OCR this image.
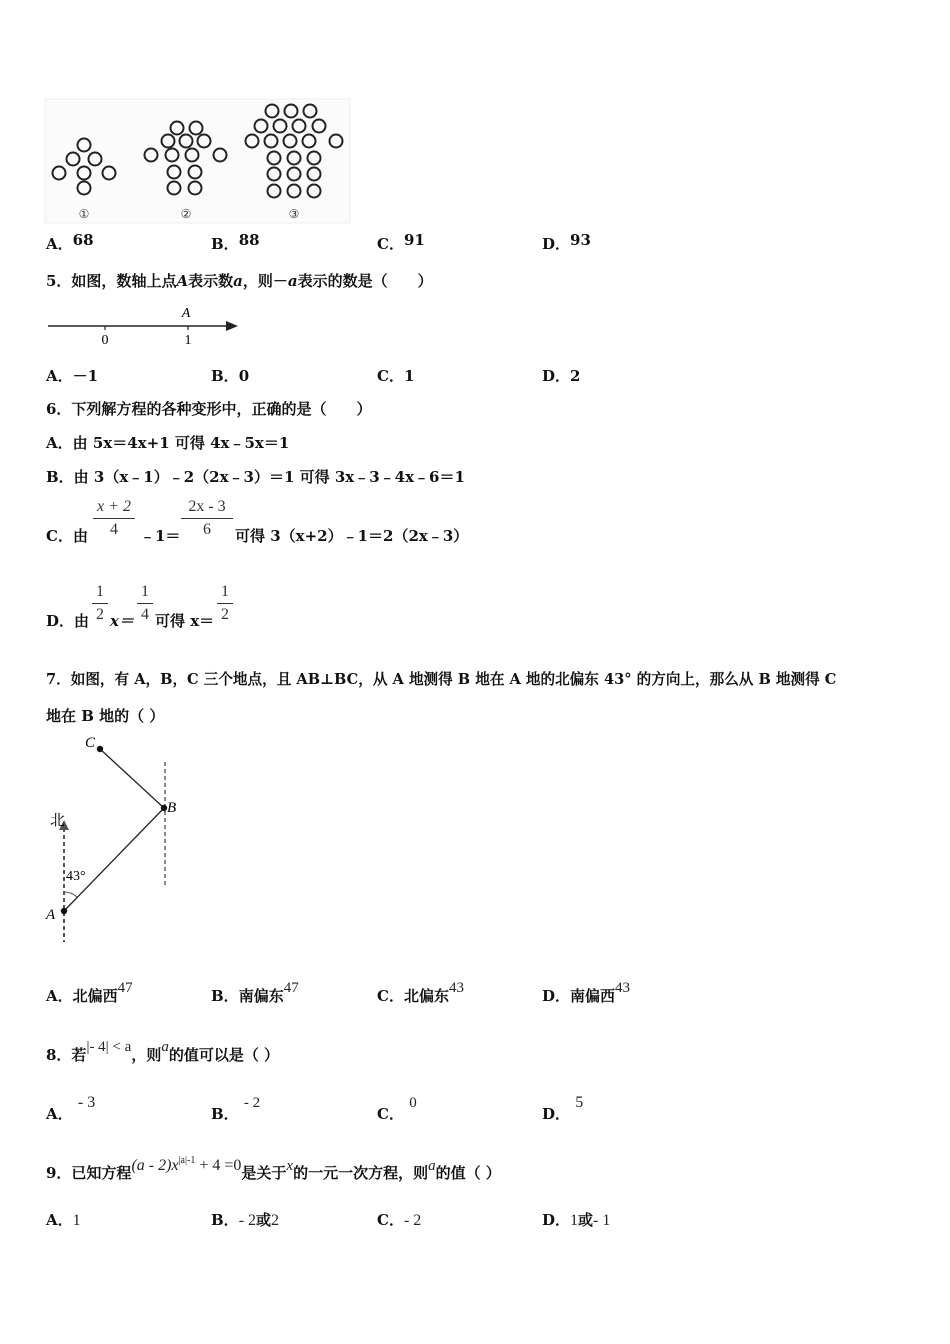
①	②	③
A．68	B．88	C．91	D．93
5．如图，数轴上点A表示数a，则－a表示的数是（　　）
A
0	1
A．－1	B．0	C．1	D．2
6．下列解方程的各种变形中，正确的是（　　）
A．由 5x＝4x+1 可得 4x﹣5x＝1
B．由 3（x﹣1）﹣2（2x﹣3）＝1 可得 3x﹣3﹣4x﹣6＝1
C．由
x + 2
4	﹣1＝
2x - 3
6	可得 3（x+2）﹣1＝2（2x﹣3）
D．由
1
2 x＝
1
4 可得 x＝
1
2
7．如图，有 A，B，C 三个地点，且 AB⊥BC，从 A 地测得 B 地在 A 地的北偏东 43° 的方向上，那么从 B 地测得 C
地在 B 地的（ ）
C
B
A
北
43°
A．北偏西47	B．南偏东47	C．北偏东43	D．南偏西43
8．若|- 4| < a，则a的值可以是（ ）
A． - 3
B． - 2
C． 0
D． 5
9．已知方程$(a - 2)x^{|a|-1} + 4 =0$是关于x的一元一次方程，则a的值（ ）
A．1	B．- 2或2	C．- 2	D．1或- 1
